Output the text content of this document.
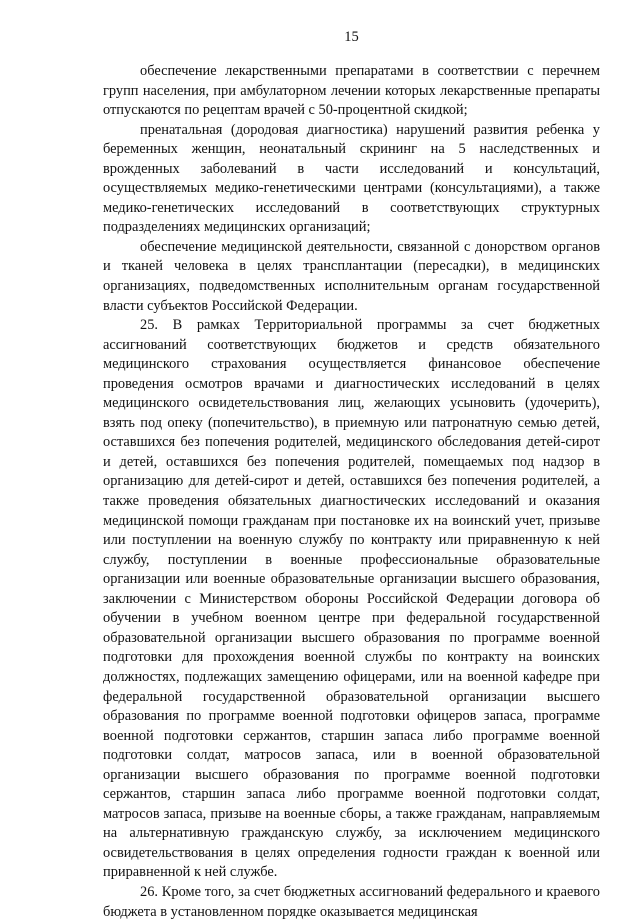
15

обеспечение лекарственными препаратами в соответствии с перечнем групп населения, при амбулаторном лечении которых лекарственные препараты отпускаются по рецептам врачей с 50-процентной скидкой;

пренатальная (дородовая диагностика) нарушений развития ребенка у беременных женщин, неонатальный скрининг на 5 наследственных и врожденных заболеваний в части исследований и консультаций, осуществляемых медико-генетическими центрами (консультациями), а также медико-генетических исследований в соответствующих структурных подразделениях медицинских организаций;

обеспечение медицинской деятельности, связанной с донорством органов и тканей человека в целях трансплантации (пересадки), в медицинских организациях, подведомственных исполнительным органам государственной власти субъектов Российской Федерации.

25. В рамках Территориальной программы за счет бюджетных ассигнований соответствующих бюджетов и средств обязательного медицинского страхования осуществляется финансовое обеспечение проведения осмотров врачами и диагностических исследований в целях медицинского освидетельствования лиц, желающих усыновить (удочерить), взять под опеку (попечительство), в приемную или патронатную семью детей, оставшихся без попечения родителей, медицинского обследования детей-сирот и детей, оставшихся без попечения родителей, помещаемых под надзор в организацию для детей-сирот и детей, оставшихся без попечения родителей, а также проведения обязательных диагностических исследований и оказания медицинской помощи гражданам при постановке их на воинский учет, призыве или поступлении на военную службу по контракту или приравненную к ней службу, поступлении в военные профессиональные образовательные организации или военные образовательные организации высшего образования, заключении с Министерством обороны Российской Федерации договора об обучении в учебном военном центре при федеральной государственной образовательной организации высшего образования по программе военной подготовки для прохождения военной службы по контракту на воинских должностях, подлежащих замещению офицерами, или на военной кафедре при федеральной государственной образовательной организации высшего образования по программе военной подготовки офицеров запаса, программе военной подготовки сержантов, старшин запаса либо программе военной подготовки солдат, матросов запаса, или в военной образовательной организации высшего образования по программе военной подготовки сержантов, старшин запаса либо программе военной подготовки солдат, матросов запаса, призыве на военные сборы, а также гражданам, направляемым на альтернативную гражданскую службу, за исключением медицинского освидетельствования в целях определения годности граждан к военной или приравненной к ней службе.

26. Кроме того, за счет бюджетных ассигнований федерального и краевого бюджета в установленном порядке оказывается медицинская
